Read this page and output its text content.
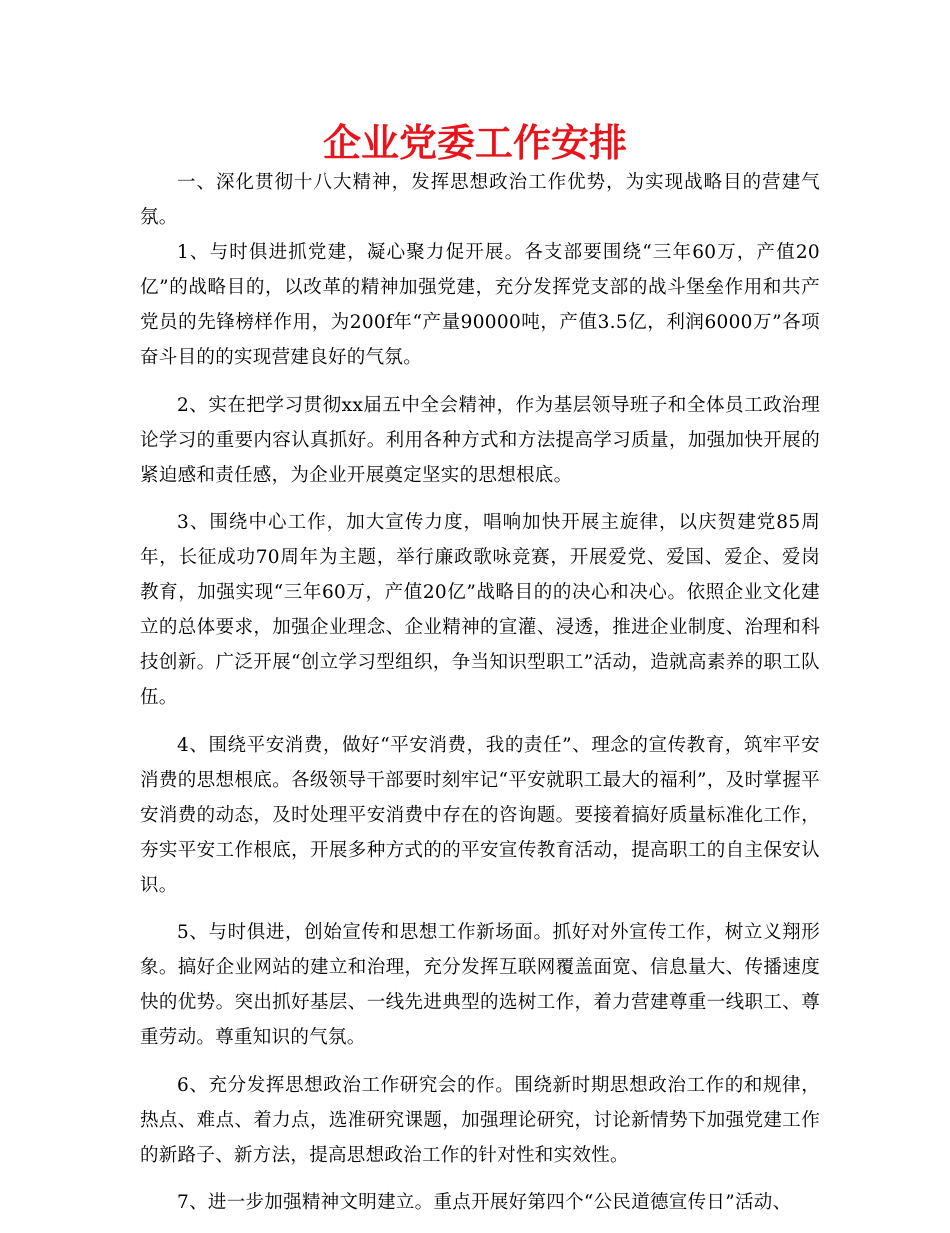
企业党委工作安排

一、深化贯彻十八大精神，发挥思想政治工作优势，为实现战略目的营建气氛。

1、与时俱进抓党建，凝心聚力促开展。各支部要围绕“三年60万，产值20亿”的战略目的，以改革的精神加强党建，充分发挥党支部的战斗堡垒作用和共产党员的先锋榜样作用，为200f年“产量90000吨，产值3.5亿，利润6000万”各项奋斗目的的实现营建良好的气氛。

2、实在把学习贯彻xx届五中全会精神，作为基层领导班子和全体员工政治理论学习的重要内容认真抓好。利用各种方式和方法提高学习质量，加强加快开展的紧迫感和责任感，为企业开展奠定坚实的思想根底。

3、围绕中心工作，加大宣传力度，唱响加快开展主旋律，以庆贺建党85周年，长征成功70周年为主题，举行廉政歌咏竞赛，开展爱党、爱国、爱企、爱岗教育，加强实现“三年60万，产值20亿”战略目的的决心和决心。依照企业文化建立的总体要求，加强企业理念、企业精神的宣灌、浸透，推进企业制度、治理和科技创新。广泛开展“创立学习型组织，争当知识型职工”活动，造就高素养的职工队伍。

4、围绕平安消费，做好“平安消费，我的责任”、理念的宣传教育，筑牢平安消费的思想根底。各级领导干部要时刻牢记“平安就职工最大的福利”，及时掌握平安消费的动态，及时处理平安消费中存在的咨询题。要接着搞好质量标准化工作，夯实平安工作根底，开展多种方式的的平安宣传教育活动，提高职工的自主保安认识。

5、与时俱进，创始宣传和思想工作新场面。抓好对外宣传工作，树立义翔形象。搞好企业网站的建立和治理，充分发挥互联网覆盖面宽、信息量大、传播速度快的优势。突出抓好基层、一线先进典型的选树工作，着力营建尊重一线职工、尊重劳动。尊重知识的气氛。

6、充分发挥思想政治工作研究会的作。围绕新时期思想政治工作的和规律，热点、难点、着力点，选准研究课题，加强理论研究，讨论新情势下加强党建工作的新路子、新方法，提高思想政治工作的针对性和实效性。

7、进一步加强精神文明建立。重点开展好第四个“公民道德宣传日”活动、
